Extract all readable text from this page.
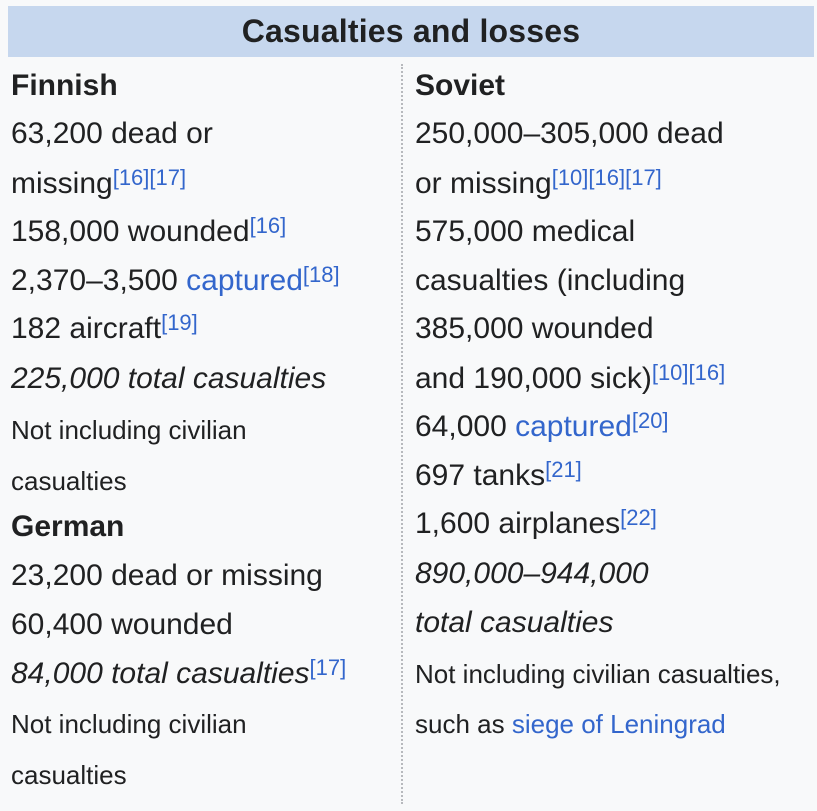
Casualties and losses
Finnish
63,200 dead or
missing[16][17]
158,000 wounded[16]
2,370–3,500 captured[18]
182 aircraft[19]
225,000 total casualties
Not including civilian
casualties
German
23,200 dead or missing
60,400 wounded
84,000 total casualties[17]
Not including civilian
casualties
Soviet
250,000–305,000 dead
or missing[10][16][17]
575,000 medical
casualties (including
385,000 wounded
and 190,000 sick)[10][16]
64,000 captured[20]
697 tanks[21]
1,600 airplanes[22]
890,000–944,000
total casualties
Not including civilian casualties,
such as siege of Leningrad
